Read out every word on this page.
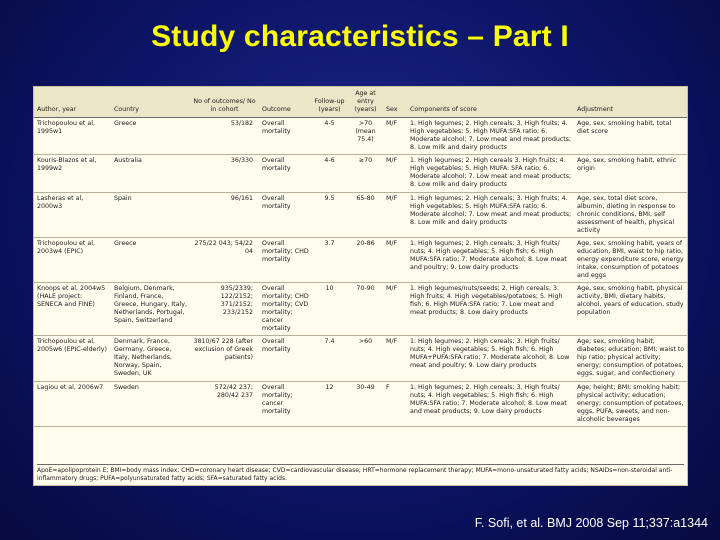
Study characteristics – Part I
Author, year	Country	No of outcomes/ No in cohort	Outcome	Follow-up (years)	Age at entry (years)	Sex	Components of score	Adjustment
Trichopoulou et al, 1995w1	Greece	53/182	Overall mortality	4-5	>70 (mean 75.4)	M/F	1. High legumes; 2. High cereals; 3. High fruits; 4. High vegetables; 5. High MUFA:SFA ratio; 6. Moderate alcohol; 7. Low meat and meat products; 8. Low milk and dairy products	Age, sex, smoking habit, total diet score
Kouris-Blazos et al, 1999w2	Australia	36/330	Overall mortality	4-6	≥70	M/F	1. High legumes; 2. High cereals 3. High fruits; 4. High vegetables; 5. High MUFA: SFA ratio; 6. Moderate alcohol; 7. Low meat and meat products; 8. Low milk and dairy products	Age, sex, smoking habit, ethnic origin
Lasheras et al, 2000w3	Spain	96/161	Overall mortality	9.5	65-80	M/F	1. High legumes; 2. High cereals; 3. High fruits; 4. High vegetables; 5. High MUFA:SFA ratio; 6. Moderate alcohol; 7. Low meat and meat products; 8. Low milk and dairy products	Age, sex, total diet score, albumin, dieting in response to chronic conditions, BMI, self assessment of health, physical activity
Trichopoulou et al, 2003w4 (EPIC)	Greece	275/22 043; 54/22 04	Overall mortality; CHD mortality	3.7	20-86	M/F	1. High legumes; 2. High cereals; 3. High fruits/ nuts; 4. High vegetables; 5. High fish; 6. High MUFA:SFA ratio; 7. Moderate alcohol; 8. Low meat and poultry; 9. Low dairy products	Age, sex, smoking habit, years of education, BMI, waist to hip ratio, energy expenditure score, energy intake, consumption of potatoes and eggs
Knoops et al, 2004w5 (HALE project: SENECA and FINE)	Belgium, Denmark, Finland, France, Greece, Hungary, Italy, Netherlands, Portugal, Spain, Switzerland	935/2339; 122/2152; 371/2152; 233/2152	Overall mortality; CHD mortality; CVD mortality; cancer mortality	10	70-90	M/F	1. High legumes/nuts/seeds; 2. High cereals; 3. High fruits; 4. High vegetables/potatoes; 5. High fish; 6. High MUFA:SFA ratio; 7. Low meat and meat products; 8. Low dairy products	Age, sex, smoking habit, physical activity, BMI, dietary habits, alcohol, years of education, study population
Trichopoulou et al, 2005w6 (EPIC-elderly)	Denmark, France, Germany, Greece, Italy, Netherlands, Norway, Spain, Sweden, UK	3810/67 228 (after exclusion of Greek patients)	Overall mortality	7.4	>60	M/F	1. High legumes; 2. High cereals; 3. High fruits/ nuts; 4. High vegetables; 5. High fish; 6. High MUFA+PUFA:SFA ratio; 7. Moderate alcohol; 8. Low meat and poultry; 9. Low dairy products	Age; sex, smoking habit; diabetes; education; BMI; waist to hip ratio; physical activity; energy; consumption of potatoes, eggs, sugar, and confectionery
Lagiou et al, 2006w7	Sweden	572/42 237; 280/42 237	Overall mortality; cancer mortality	12	30-49	F	1. High legumes; 2. High cereals; 3. High fruits/ nuts; 4. High vegetables; 5. High fish; 6. High MUFA:SFA ratio; 7. Moderate alcohol; 8. Low meat and meat products; 9. Low dairy products	Age; height; BMI; smoking habit; physical activity; education; energy; consumption of potatoes, eggs, PUFA, sweets, and non-alcoholic beverages
ApoE=apolipoprotein E; BMI=body mass index; CHD=coronary heart disease; CVD=cardiovascular disease; HRT=hormone replacement therapy; MUFA=mono-unsaturated fatty acids; NSAIDs=non-steroidal anti-inflammatory drugs; PUFA=polyunsaturated fatty acids; SFA=saturated fatty acids.
F. Sofi, et al. BMJ 2008 Sep 11;337:a1344
